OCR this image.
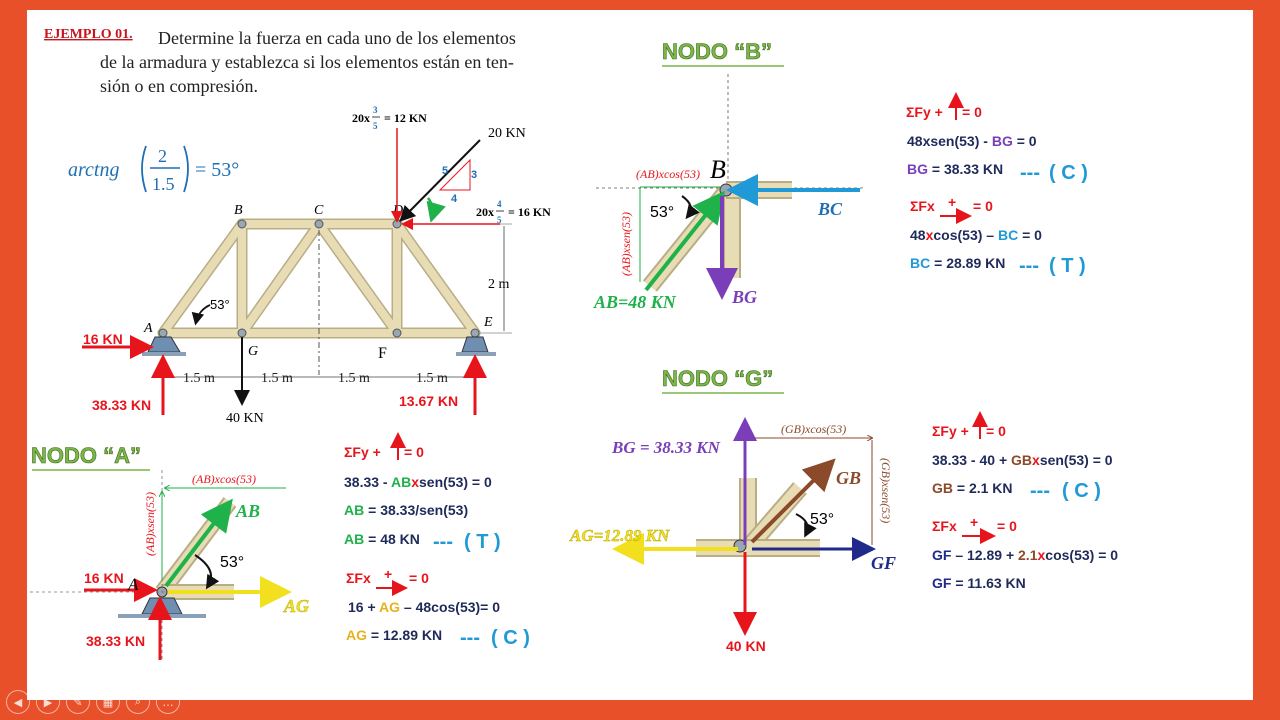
EJEMPLO 01. Determine la fuerza en cada uno de los elementos
de la armadura y establezca si los elementos están en ten-
sión o en compresión.
arctng
2
1.5
= 53°
A
B	C	D
E
G	F
53°
2 m
1.5 m	1.5 m	1.5 m	1.5 m
5 3
4
20 KN
20x
3
5
= 12 KN
20x
4
5
= 16 KN
16 KN
38.33 KN	13.67 KN
40 KN
NODO “A”
(AB)xcos(53)
(AB)xsen(53)	AB
AG
16 KN
38.33 KN
A
53°
ΣFy + = 0
38.33 - ABxsen(53) = 0
AB = 38.33/sen(53)
AB = 48 KN --- ( T )
ΣFx + = 0
16 + AG – 48cos(53)= 0
AG = 12.89 KN --- ( C )
NODO “B”
B
(AB)xcos(53)
(AB)xsen(53)
AB=48 KN
BC
BG
53°
ΣFy + = 0
48xsen(53) - BG = 0
BG = 38.33 KN --- ( C )
ΣFx + = 0
48xcos(53) – BC = 0
BC = 28.89 KN --- ( T )
NODO “G”
(GB)xcos(53)
(GB)xsen(53)
BG = 38.33 KN
GB
AG=12.89 KN
GF
40 KN
53°
ΣFy + = 0
38.33 - 40 + GBxsen(53) = 0
GB = 2.1 KN --- ( C )
ΣFx + = 0
GF – 12.89 + 2.1xcos(53) = 0
GF = 11.63 KN
◀	▶	✎	▦	⌕	…
